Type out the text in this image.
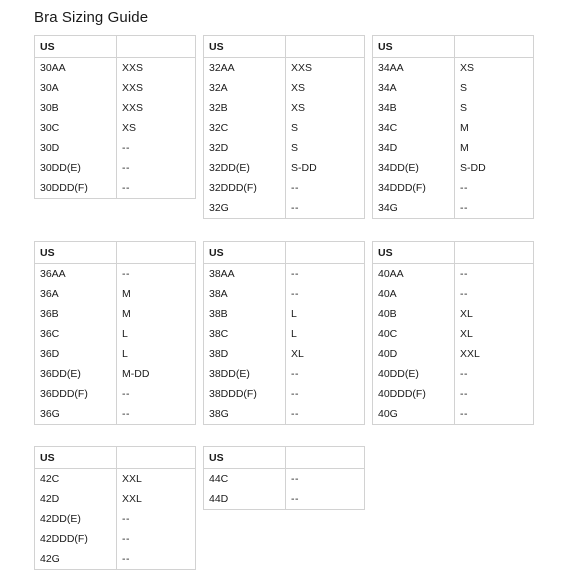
Bra Sizing Guide
US	
30AA	XXS
30A	XXS
30B	XXS
30C	XS
30D	--
30DD(E)	--
30DDD(F)	--
US	
32AA	XXS
32A	XS
32B	XS
32C	S
32D	S
32DD(E)	S-DD
32DDD(F)	--
32G	--
US	
34AA	XS
34A	S
34B	S
34C	M
34D	M
34DD(E)	S-DD
34DDD(F)	--
34G	--
US	
36AA	--
36A	M
36B	M
36C	L
36D	L
36DD(E)	M-DD
36DDD(F)	--
36G	--
US	
38AA	--
38A	--
38B	L
38C	L
38D	XL
38DD(E)	--
38DDD(F)	--
38G	--
US	
40AA	--
40A	--
40B	XL
40C	XL
40D	XXL
40DD(E)	--
40DDD(F)	--
40G	--
US	
42C	XXL
42D	XXL
42DD(E)	--
42DDD(F)	--
42G	--
US	
44C	--
44D	--
